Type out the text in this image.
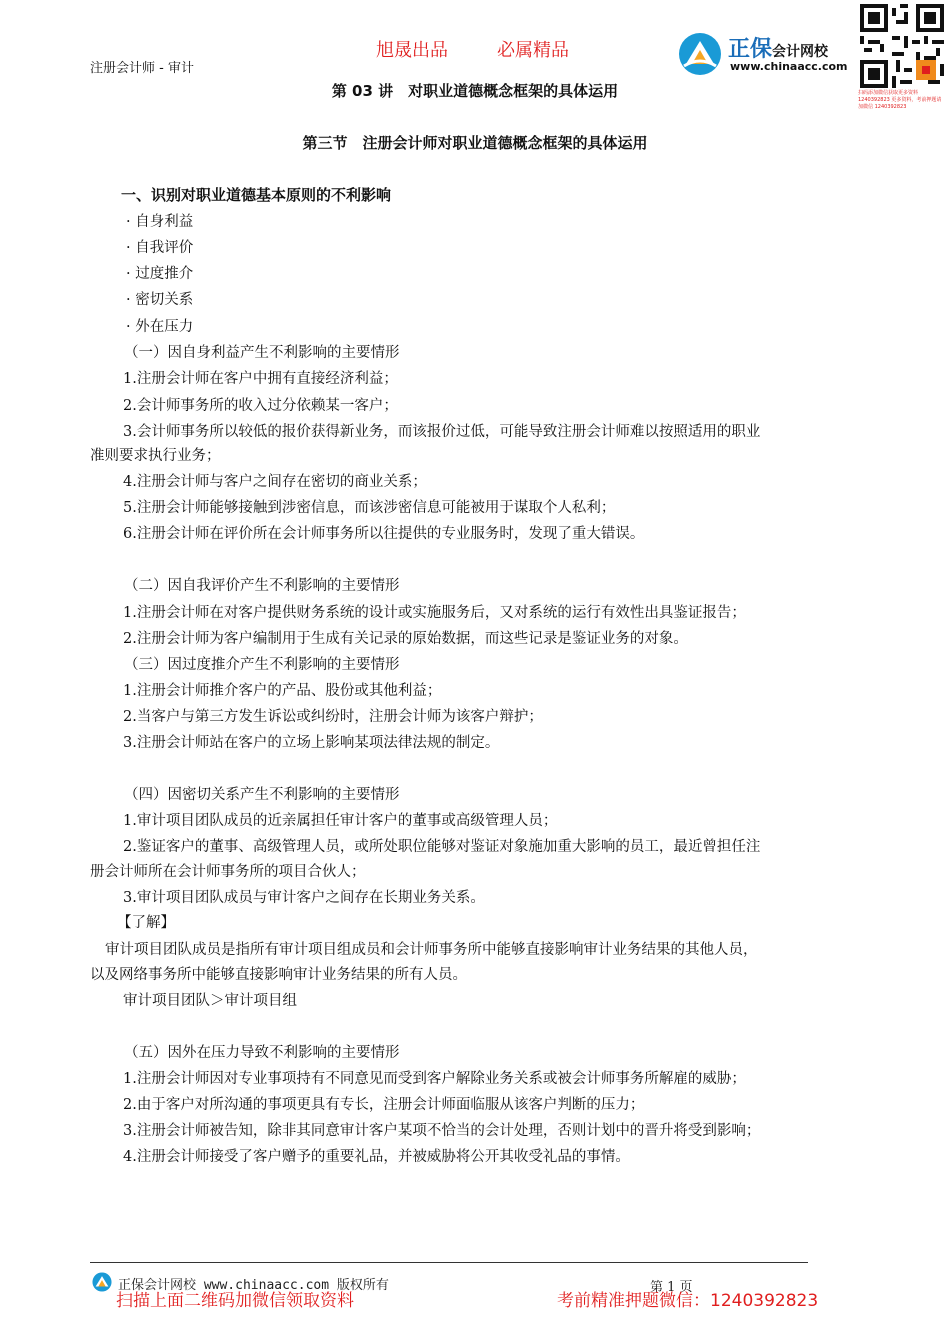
注册会计师 - 审计
旭晟出品	必属精品	正保会计网校
www.chinaacc.com
扫码添加微信获取更多资料 1240392823 更多资料，考前押题请加微信 1240392823
第 03 讲　对职业道德概念框架的具体运用
第三节　注册会计师对职业道德概念框架的具体运用
一、识别对职业道德基本原则的不利影响
· 自身利益
· 自我评价
· 过度推介
· 密切关系
· 外在压力
（一）因自身利益产生不利影响的主要情形
1.注册会计师在客户中拥有直接经济利益；
2.会计师事务所的收入过分依赖某一客户；
3.会计师事务所以较低的报价获得新业务，而该报价过低，可能导致注册会计师难以按照适用的职业
准则要求执行业务；
4.注册会计师与客户之间存在密切的商业关系；
5.注册会计师能够接触到涉密信息，而该涉密信息可能被用于谋取个人私利；
6.注册会计师在评价所在会计师事务所以往提供的专业服务时，发现了重大错误。
（二）因自我评价产生不利影响的主要情形
1.注册会计师在对客户提供财务系统的设计或实施服务后，又对系统的运行有效性出具鉴证报告；
2.注册会计师为客户编制用于生成有关记录的原始数据，而这些记录是鉴证业务的对象。
（三）因过度推介产生不利影响的主要情形
1.注册会计师推介客户的产品、股份或其他利益；
2.当客户与第三方发生诉讼或纠纷时，注册会计师为该客户辩护；
3.注册会计师站在客户的立场上影响某项法律法规的制定。
（四）因密切关系产生不利影响的主要情形
1.审计项目团队成员的近亲属担任审计客户的董事或高级管理人员；
2.鉴证客户的董事、高级管理人员，或所处职位能够对鉴证对象施加重大影响的员工，最近曾担任注
册会计师所在会计师事务所的项目合伙人；
3.审计项目团队成员与审计客户之间存在长期业务关系。
【了解】
审计项目团队成员是指所有审计项目组成员和会计师事务所中能够直接影响审计业务结果的其他人员，
以及网络事务所中能够直接影响审计业务结果的所有人员。
审计项目团队＞审计项目组
（五）因外在压力导致不利影响的主要情形
1.注册会计师因对专业事项持有不同意见而受到客户解除业务关系或被会计师事务所解雇的威胁；
2.由于客户对所沟通的事项更具有专长，注册会计师面临服从该客户判断的压力；
3.注册会计师被告知，除非其同意审计客户某项不恰当的会计处理，否则计划中的晋升将受到影响；
4.注册会计师接受了客户赠予的重要礼品，并被威胁将公开其收受礼品的事情。
正保会计网校 www.chinaacc.com 版权所有	第 1 页
扫描上面二维码加微信领取资料	考前精准押题微信：1240392823
